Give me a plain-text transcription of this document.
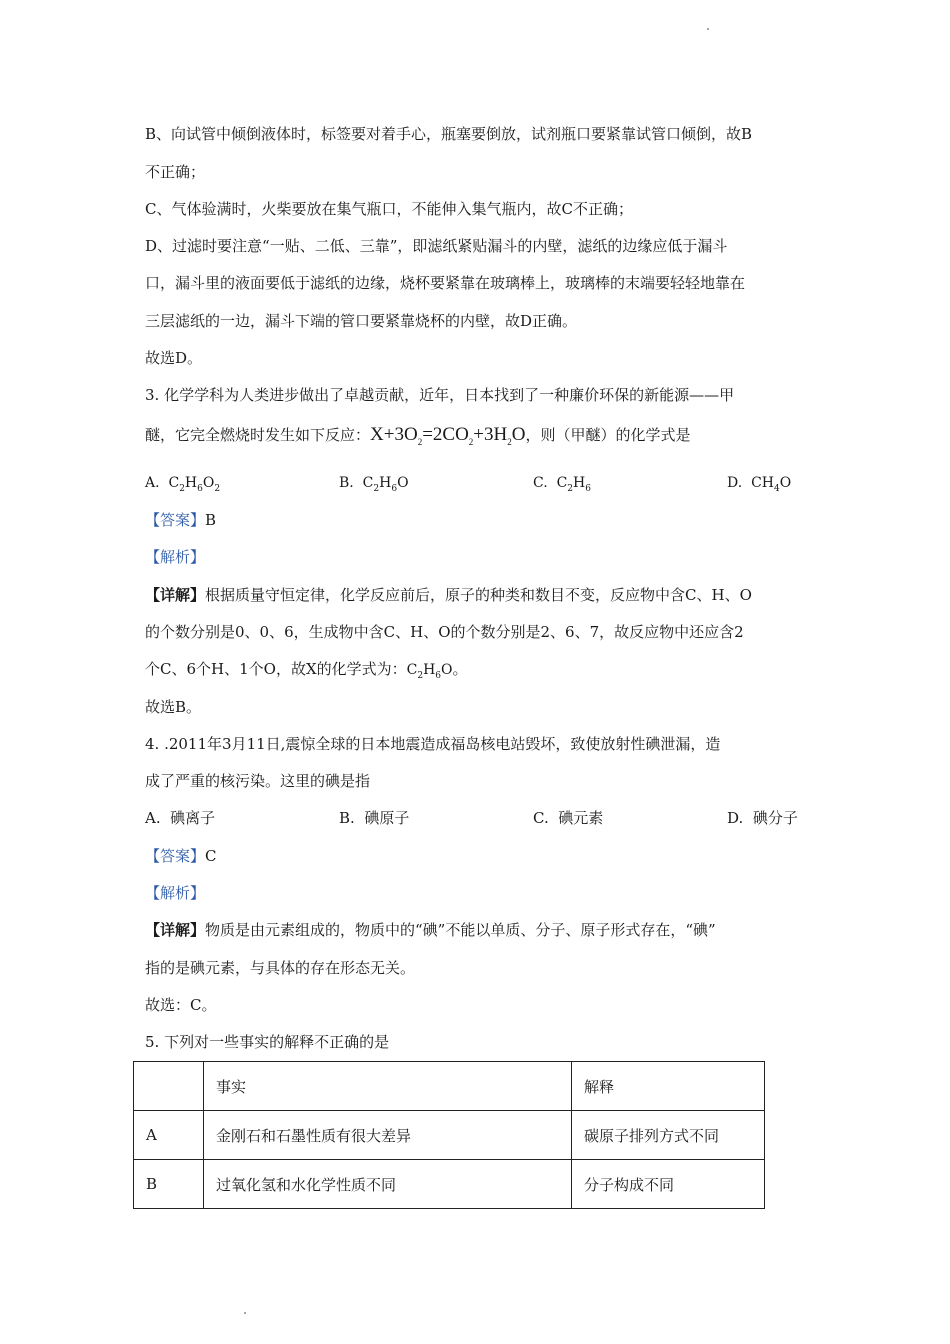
B、向试管中倾倒液体时，标签要对着手心，瓶塞要倒放，试剂瓶口要紧靠试管口倾倒，故B
不正确；
C、气体验满时，火柴要放在集气瓶口，不能伸入集气瓶内，故C不正确；
D、过滤时要注意“一贴、二低、三靠”，即滤纸紧贴漏斗的内壁，滤纸的边缘应低于漏斗
口，漏斗里的液面要低于滤纸的边缘，烧杯要紧靠在玻璃棒上，玻璃棒的末端要轻轻地靠在
三层滤纸的一边，漏斗下端的管口要紧靠烧杯的内壁，故D正确。
故选D。
3. 化学学科为人类进步做出了卓越贡献，近年，日本找到了一种廉价环保的新能源——甲
醚，它完全燃烧时发生如下反应：$X+3O_2=2CO_2+3H_2O$，则（甲醚）的化学式是
A. $C_2H_6O_2$	B. $C_2H_6O$	C. $C_2H_6$	D. $CH_4O$
【答案】B
【解析】
【详解】根据质量守恒定律，化学反应前后，原子的种类和数目不变，反应物中含C、H、O
的个数分别是0、0、6，生成物中含C、H、O的个数分别是2、6、7，故反应物中还应含2
个C、6个H、1个O，故X的化学式为：$C_2H_6O$。
故选B。
4. .2011年3月11日,震惊全球的日本地震造成福岛核电站毁坏，致使放射性碘泄漏，造
成了严重的核污染。这里的碘是指
A. 碘离子	B. 碘原子	C. 碘元素	D. 碘分子
【答案】C
【解析】
【详解】物质是由元素组成的，物质中的“碘”不能以单质、分子、原子形式存在，“碘”
指的是碘元素，与具体的存在形态无关。
故选：C。
5. 下列对一些事实的解释不正确的是
	事实	解释
A	金刚石和石墨性质有很大差异	碳原子排列方式不同
B	过氧化氢和水化学性质不同	分子构成不同
